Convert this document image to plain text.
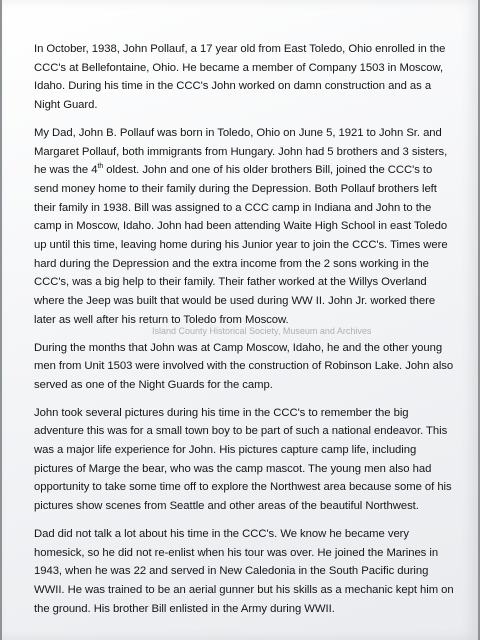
In October, 1938, John Pollauf, a 17 year old from East Toledo, Ohio enrolled in the CCC's at Bellefontaine, Ohio. He became a member of Company 1503 in Moscow, Idaho. During his time in the CCC's John worked on damn construction and as a Night Guard.

My Dad, John B. Pollauf was born in Toledo, Ohio on June 5, 1921 to John Sr. and Margaret Pollauf, both immigrants from Hungary. John had 5 brothers and 3 sisters, he was the 4th oldest. John and one of his older brothers Bill, joined the CCC's to send money home to their family during the Depression. Both Pollauf brothers left their family in 1938. Bill was assigned to a CCC camp in Indiana and John to the camp in Moscow, Idaho. John had been attending Waite High School in east Toledo up until this time, leaving home during his Junior year to join the CCC's. Times were hard during the Depression and the extra income from the 2 sons working in the CCC's, was a big help to their family. Their father worked at the Willys Overland where the Jeep was built that would be used during WW II. John Jr. worked there later as well after his return to Toledo from Moscow.

During the months that John was at Camp Moscow, Idaho, he and the other young men from Unit 1503 were involved with the construction of Robinson Lake. John also served as one of the Night Guards for the camp.

John took several pictures during his time in the CCC's to remember the big adventure this was for a small town boy to be part of such a national endeavor. This was a major life experience for John. His pictures capture camp life, including pictures of Marge the bear, who was the camp mascot. The young men also had opportunity to take some time off to explore the Northwest area because some of his pictures show scenes from Seattle and other areas of the beautiful Northwest.

Dad did not talk a lot about his time in the CCC's. We know he became very homesick, so he did not re-enlist when his tour was over. He joined the Marines in 1943, when he was 22 and served in New Caledonia in the South Pacific during WWII. He was trained to be an aerial gunner but his skills as a mechanic kept him on the ground. His brother Bill enlisted in the Army during WWII.

Island County Historical Society, Museum and Archives
